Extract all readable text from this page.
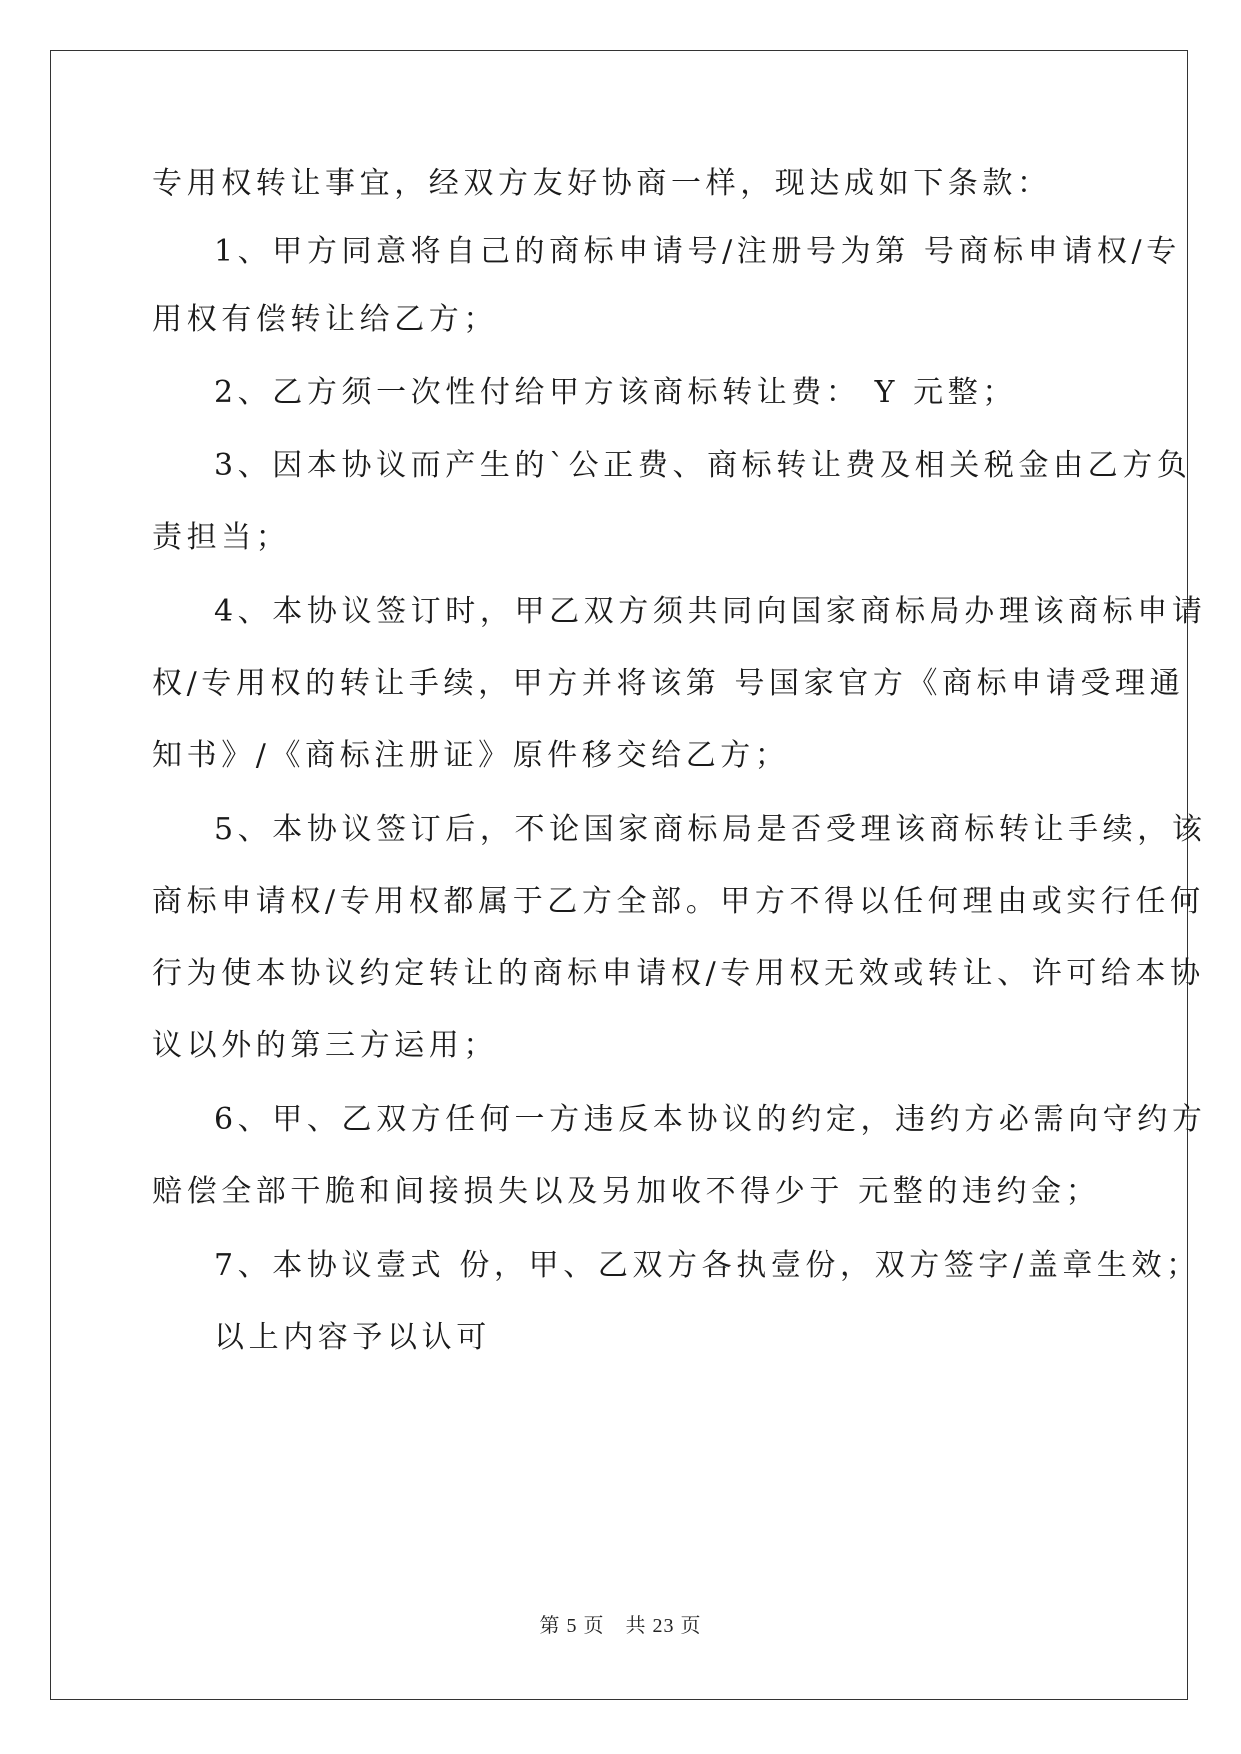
专用权转让事宜，经双方友好协商一样，现达成如下条款：
1、甲方同意将自己的商标申请号/注册号为第 号商标申请权/专
用权有偿转让给乙方；
2、乙方须一次性付给甲方该商标转让费： Y 元整；
3、因本协议而产生的`公正费、商标转让费及相关税金由乙方负
责担当；
4、本协议签订时，甲乙双方须共同向国家商标局办理该商标申请
权/专用权的转让手续，甲方并将该第 号国家官方《商标申请受理通
知书》/《商标注册证》原件移交给乙方；
5、本协议签订后，不论国家商标局是否受理该商标转让手续，该
商标申请权/专用权都属于乙方全部。甲方不得以任何理由或实行任何
行为使本协议约定转让的商标申请权/专用权无效或转让、许可给本协
议以外的第三方运用；
6、甲、乙双方任何一方违反本协议的约定，违约方必需向守约方
赔偿全部干脆和间接损失以及另加收不得少于 元整的违约金；
7、本协议壹式 份，甲、乙双方各执壹份，双方签字/盖章生效；
以上内容予以认可
第 5 页　共 23 页
